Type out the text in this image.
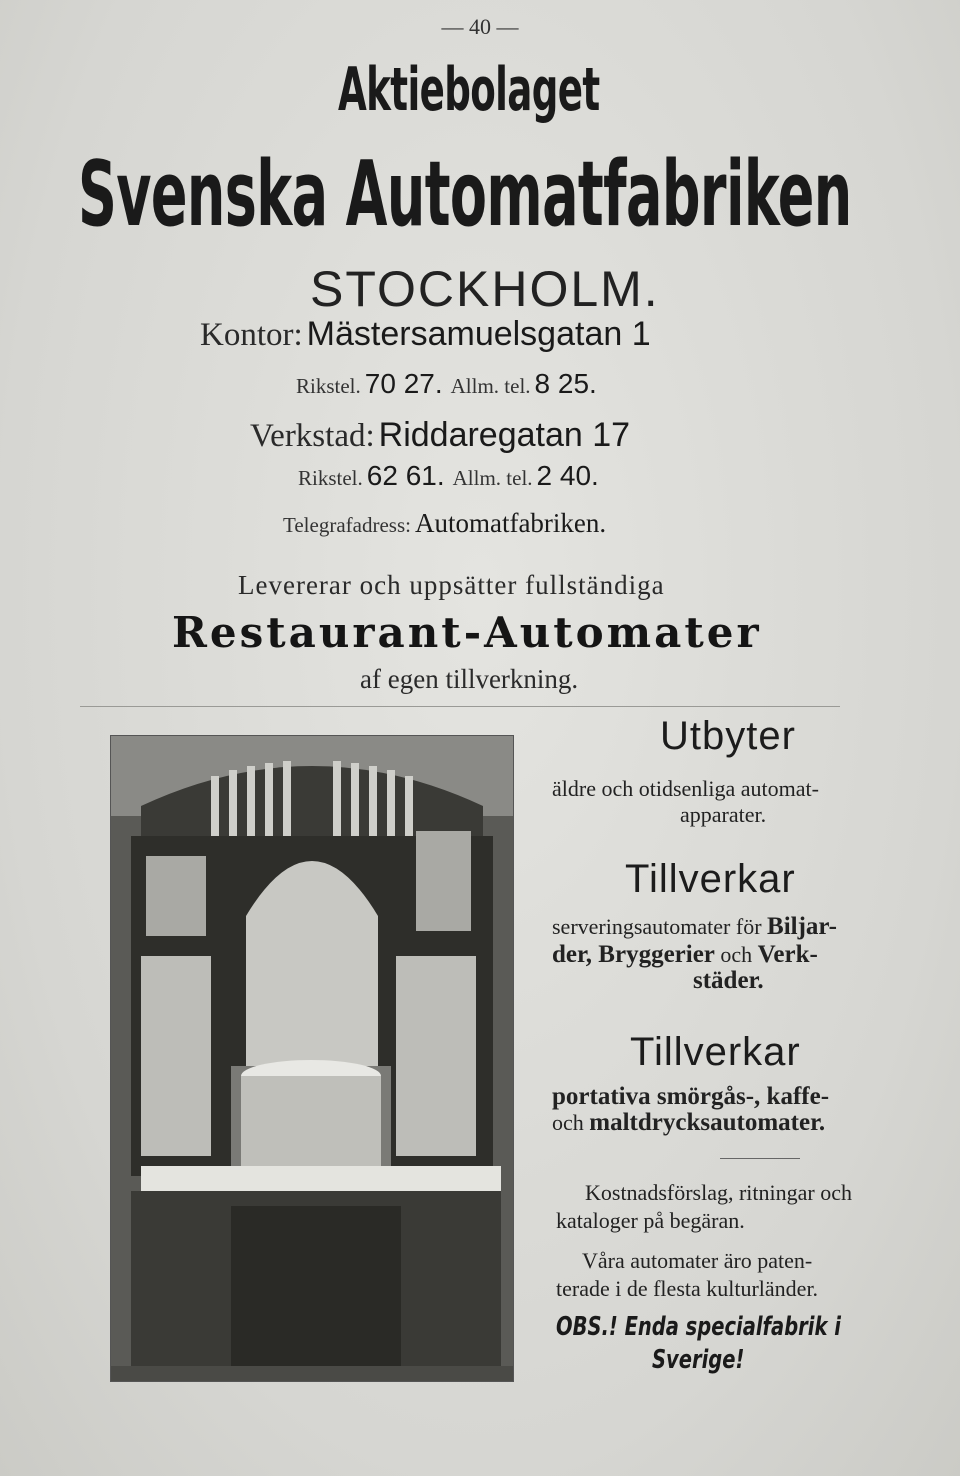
— 40 —
Aktiebolaget
Svenska Automatfabriken
STOCKHOLM.
Kontor: Mästersamuelsgatan 1
Rikstel. 70 27. Allm. tel. 8 25.
Verkstad: Riddaregatan 17
Rikstel. 62 61. Allm. tel. 2 40.
Telegrafadress: Automatfabriken.
Levererar och uppsätter fullständiga
Restaurant-Automater
af egen tillverkning.
Utbyter
äldre och otidsenliga automat-
apparater.
Tillverkar
serveringsautomater för Biljar-
der, Bryggerier och Verk-
städer.
Tillverkar
portativa smörgås-, kaffe-
och maltdrycksautomater.
Kostnadsförslag, ritningar och
kataloger på begäran.
Våra automater äro paten-
terade i de flesta kulturländer.
OBS.! Enda specialfabrik i
Sverige!
